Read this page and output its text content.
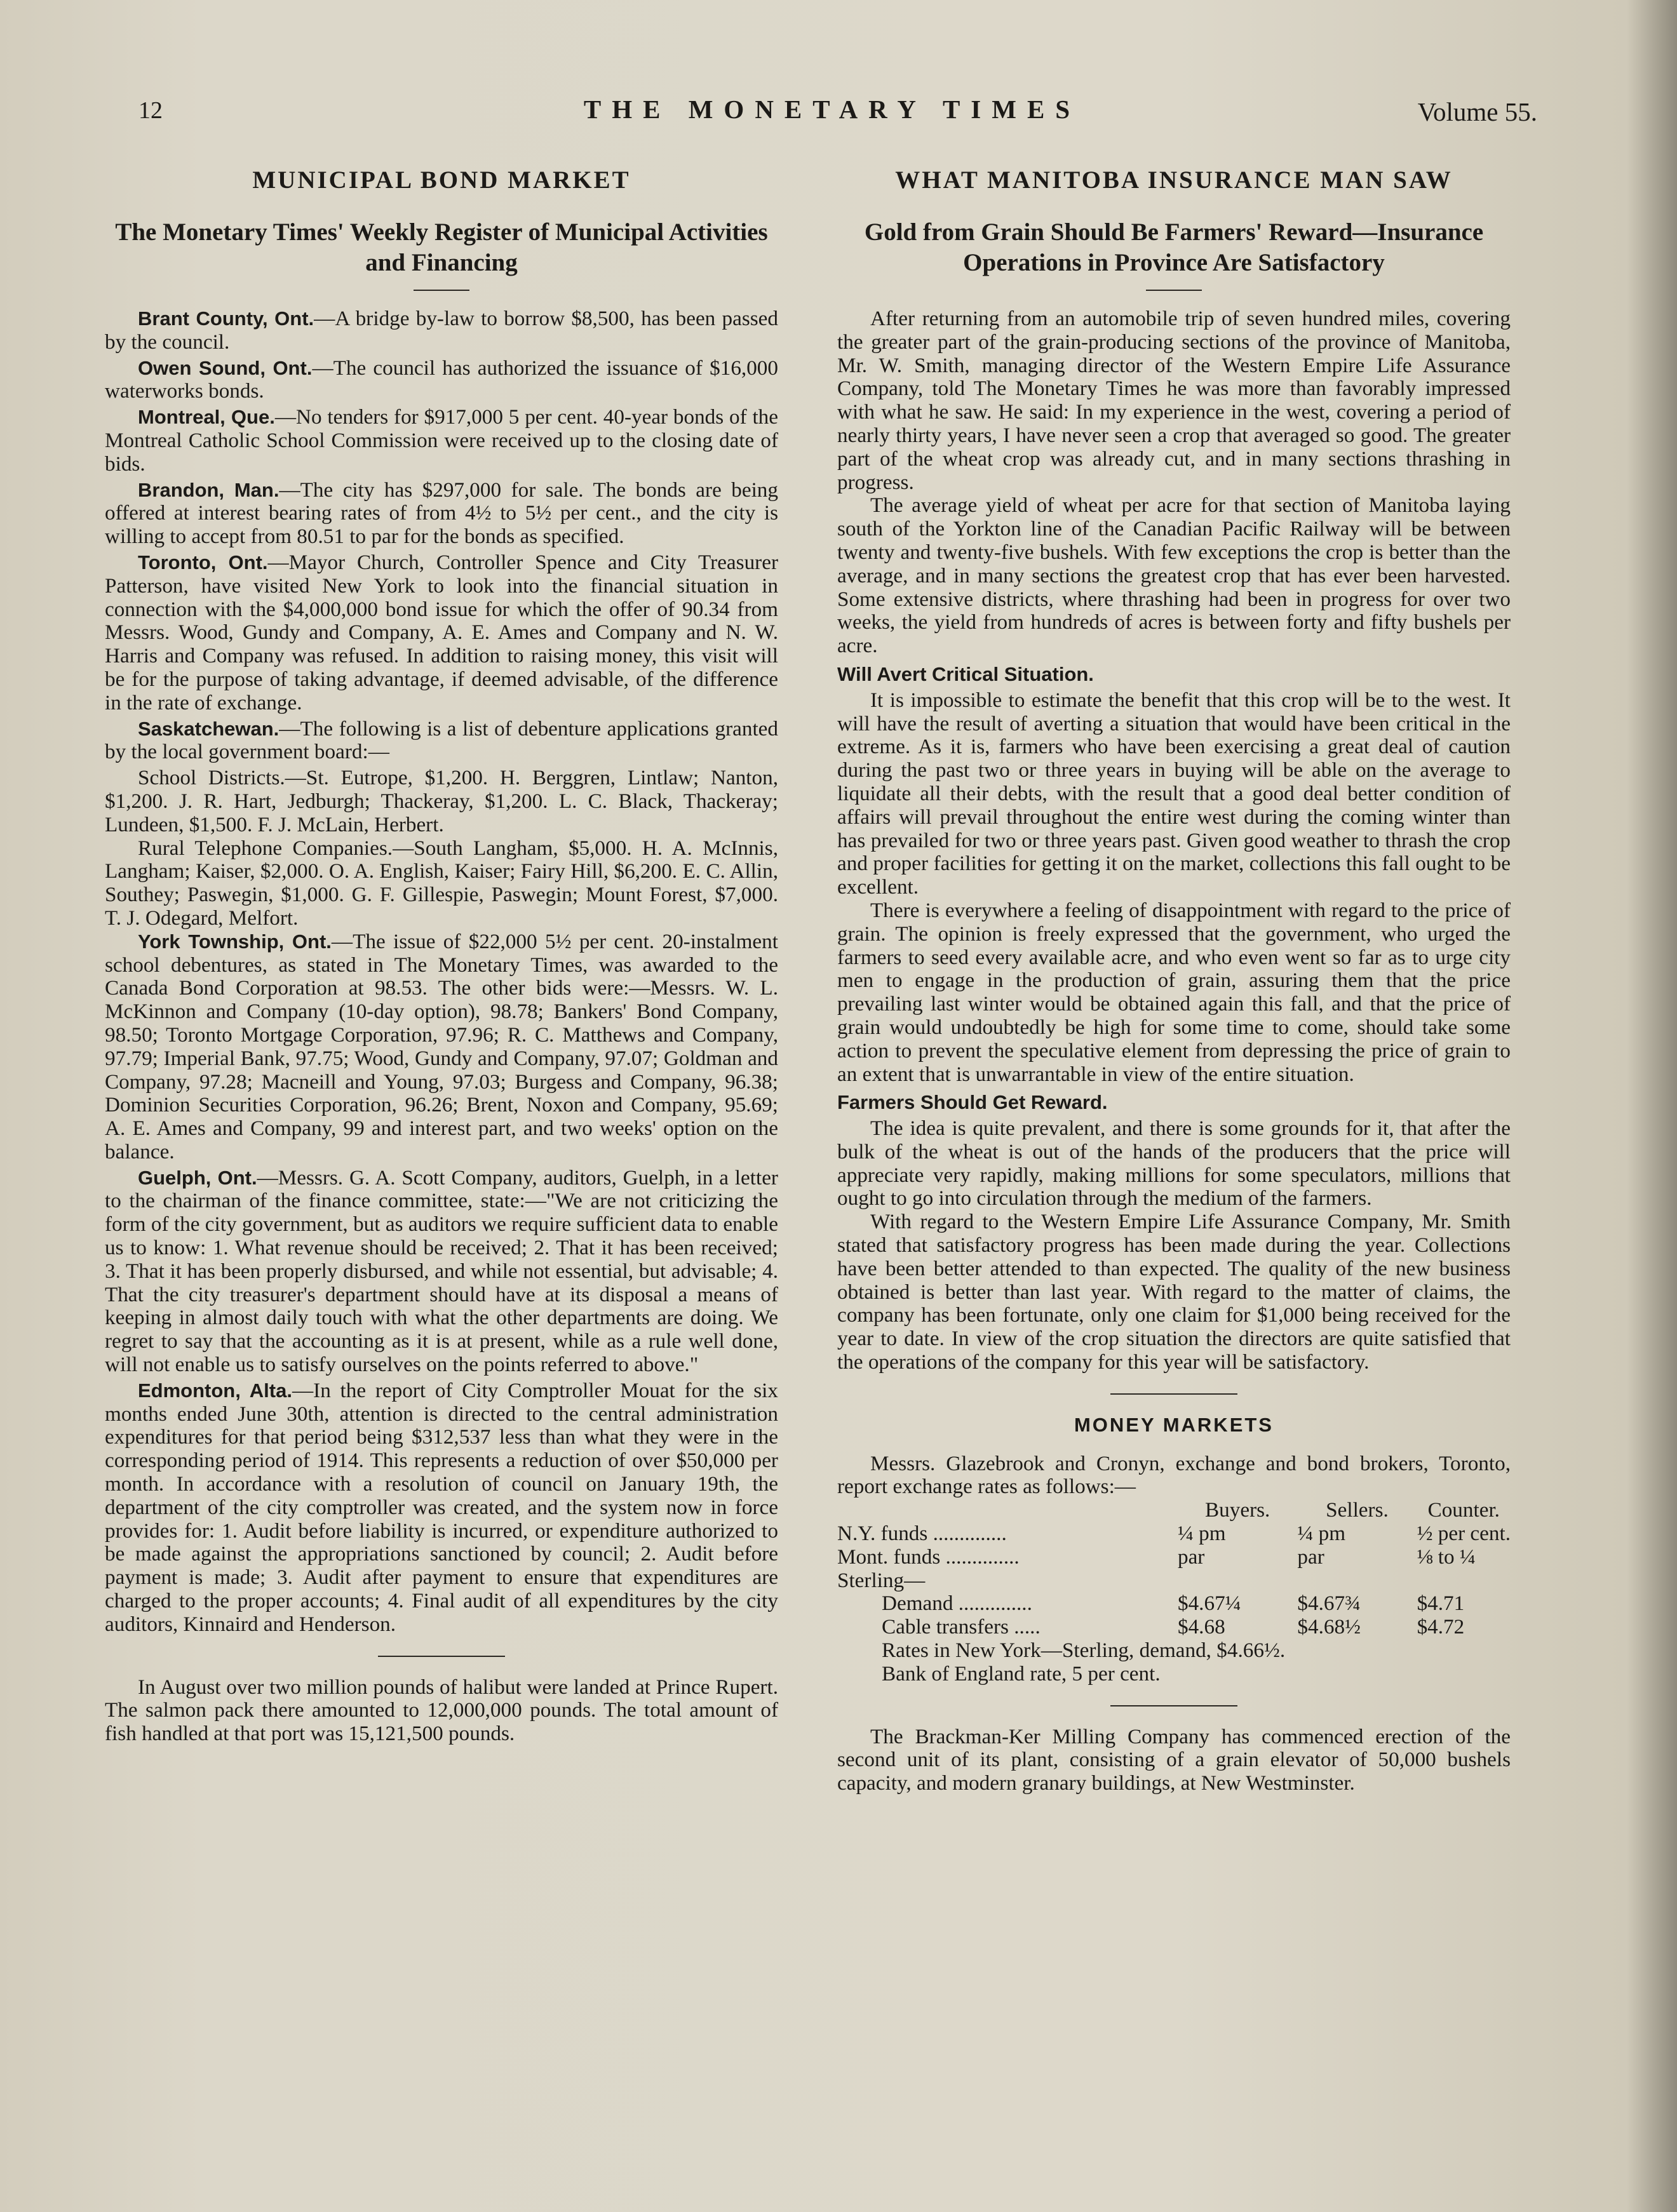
12	THE MONETARY TIMES	Volume 55.
MUNICIPAL BOND MARKET
The Monetary Times' Weekly Register of Municipal Activities and Financing

Brant County, Ont.—A bridge by-law to borrow $8,500, has been passed by the council.

Owen Sound, Ont.—The council has authorized the issuance of $16,000 waterworks bonds.

Montreal, Que.—No tenders for $917,000 5 per cent. 40-year bonds of the Montreal Catholic School Commission were received up to the closing date of bids.

Brandon, Man.—The city has $297,000 for sale. The bonds are being offered at interest bearing rates of from 4½ to 5½ per cent., and the city is willing to accept from 80.51 to par for the bonds as specified.

Toronto, Ont.—Mayor Church, Controller Spence and City Treasurer Patterson, have visited New York to look into the financial situation in connection with the $4,000,000 bond issue for which the offer of 90.34 from Messrs. Wood, Gundy and Company, A. E. Ames and Company and N. W. Harris and Company was refused. In addition to raising money, this visit will be for the purpose of taking advantage, if deemed advisable, of the difference in the rate of exchange.

Saskatchewan.—The following is a list of debenture applications granted by the local government board:—

School Districts.—St. Eutrope, $1,200. H. Berggren, Lintlaw; Nanton, $1,200. J. R. Hart, Jedburgh; Thackeray, $1,200. L. C. Black, Thackeray; Lundeen, $1,500. F. J. McLain, Herbert.

Rural Telephone Companies.—South Langham, $5,000. H. A. McInnis, Langham; Kaiser, $2,000. O. A. English, Kaiser; Fairy Hill, $6,200. E. C. Allin, Southey; Paswegin, $1,000. G. F. Gillespie, Paswegin; Mount Forest, $7,000. T. J. Odegard, Melfort.

York Township, Ont.—The issue of $22,000 5½ per cent. 20-instalment school debentures, as stated in The Monetary Times, was awarded to the Canada Bond Corporation at 98.53. The other bids were:—Messrs. W. L. McKinnon and Company (10-day option), 98.78; Bankers' Bond Company, 98.50; Toronto Mortgage Corporation, 97.96; R. C. Matthews and Company, 97.79; Imperial Bank, 97.75; Wood, Gundy and Company, 97.07; Goldman and Company, 97.28; Macneill and Young, 97.03; Burgess and Company, 96.38; Dominion Securities Corporation, 96.26; Brent, Noxon and Company, 95.69; A. E. Ames and Company, 99 and interest part, and two weeks' option on the balance.

Guelph, Ont.—Messrs. G. A. Scott Company, auditors, Guelph, in a letter to the chairman of the finance committee, state:—"We are not criticizing the form of the city government, but as auditors we require sufficient data to enable us to know: 1. What revenue should be received; 2. That it has been received; 3. That it has been properly disbursed, and while not essential, but advisable; 4. That the city treasurer's department should have at its disposal a means of keeping in almost daily touch with what the other departments are doing. We regret to say that the accounting as it is at present, while as a rule well done, will not enable us to satisfy ourselves on the points referred to above."

Edmonton, Alta.—In the report of City Comptroller Mouat for the six months ended June 30th, attention is directed to the central administration expenditures for that period being $312,537 less than what they were in the corresponding period of 1914. This represents a reduction of over $50,000 per month. In accordance with a resolution of council on January 19th, the department of the city comptroller was created, and the system now in force provides for: 1. Audit before liability is incurred, or expenditure authorized to be made against the appropriations sanctioned by council; 2. Audit before payment is made; 3. Audit after payment to ensure that expenditures are charged to the proper accounts; 4. Final audit of all expenditures by the city auditors, Kinnaird and Henderson.

In August over two million pounds of halibut were landed at Prince Rupert. The salmon pack there amounted to 12,000,000 pounds. The total amount of fish handled at that port was 15,121,500 pounds.

WHAT MANITOBA INSURANCE MAN SAW
Gold from Grain Should Be Farmers' Reward—Insurance Operations in Province Are Satisfactory

After returning from an automobile trip of seven hundred miles, covering the greater part of the grain-producing sections of the province of Manitoba, Mr. W. Smith, managing director of the Western Empire Life Assurance Company, told The Monetary Times he was more than favorably impressed with what he saw. He said: In my experience in the west, covering a period of nearly thirty years, I have never seen a crop that averaged so good. The greater part of the wheat crop was already cut, and in many sections thrashing in progress.

The average yield of wheat per acre for that section of Manitoba laying south of the Yorkton line of the Canadian Pacific Railway will be between twenty and twenty-five bushels. With few exceptions the crop is better than the average, and in many sections the greatest crop that has ever been harvested. Some extensive districts, where thrashing had been in progress for over two weeks, the yield from hundreds of acres is between forty and fifty bushels per acre.

Will Avert Critical Situation.

It is impossible to estimate the benefit that this crop will be to the west. It will have the result of averting a situation that would have been critical in the extreme. As it is, farmers who have been exercising a great deal of caution during the past two or three years in buying will be able on the average to liquidate all their debts, with the result that a good deal better condition of affairs will prevail throughout the entire west during the coming winter than has prevailed for two or three years past. Given good weather to thrash the crop and proper facilities for getting it on the market, collections this fall ought to be excellent.

There is everywhere a feeling of disappointment with regard to the price of grain. The opinion is freely expressed that the government, who urged the farmers to seed every available acre, and who even went so far as to urge city men to engage in the production of grain, assuring them that the price prevailing last winter would be obtained again this fall, and that the price of grain would undoubtedly be high for some time to come, should take some action to prevent the speculative element from depressing the price of grain to an extent that is unwarrantable in view of the entire situation.

Farmers Should Get Reward.

The idea is quite prevalent, and there is some grounds for it, that after the bulk of the wheat is out of the hands of the producers that the price will appreciate very rapidly, making millions for some speculators, millions that ought to go into circulation through the medium of the farmers.

With regard to the Western Empire Life Assurance Company, Mr. Smith stated that satisfactory progress has been made during the year. Collections have been better attended to than expected. The quality of the new business obtained is better than last year. With regard to the matter of claims, the company has been fortunate, only one claim for $1,000 being received for the year to date. In view of the crop situation the directors are quite satisfied that the operations of the company for this year will be satisfactory.

MONEY MARKETS

Messrs. Glazebrook and Cronyn, exchange and bond brokers, Toronto, report exchange rates as follows:—

	Buyers.	Sellers.	Counter.
N.Y. funds ..............	¼ pm	¼ pm	½ per cent.
Mont. funds ..............	par	par	⅛ to ¼
Sterling—			
Demand ..............	$4.67¼	$4.67¾	$4.71
Cable transfers .....	$4.68	$4.68½	$4.72

Rates in New York—Sterling, demand, $4.66½.

Bank of England rate, 5 per cent.

The Brackman-Ker Milling Company has commenced erection of the second unit of its plant, consisting of a grain elevator of 50,000 bushels capacity, and modern granary buildings, at New Westminster.
